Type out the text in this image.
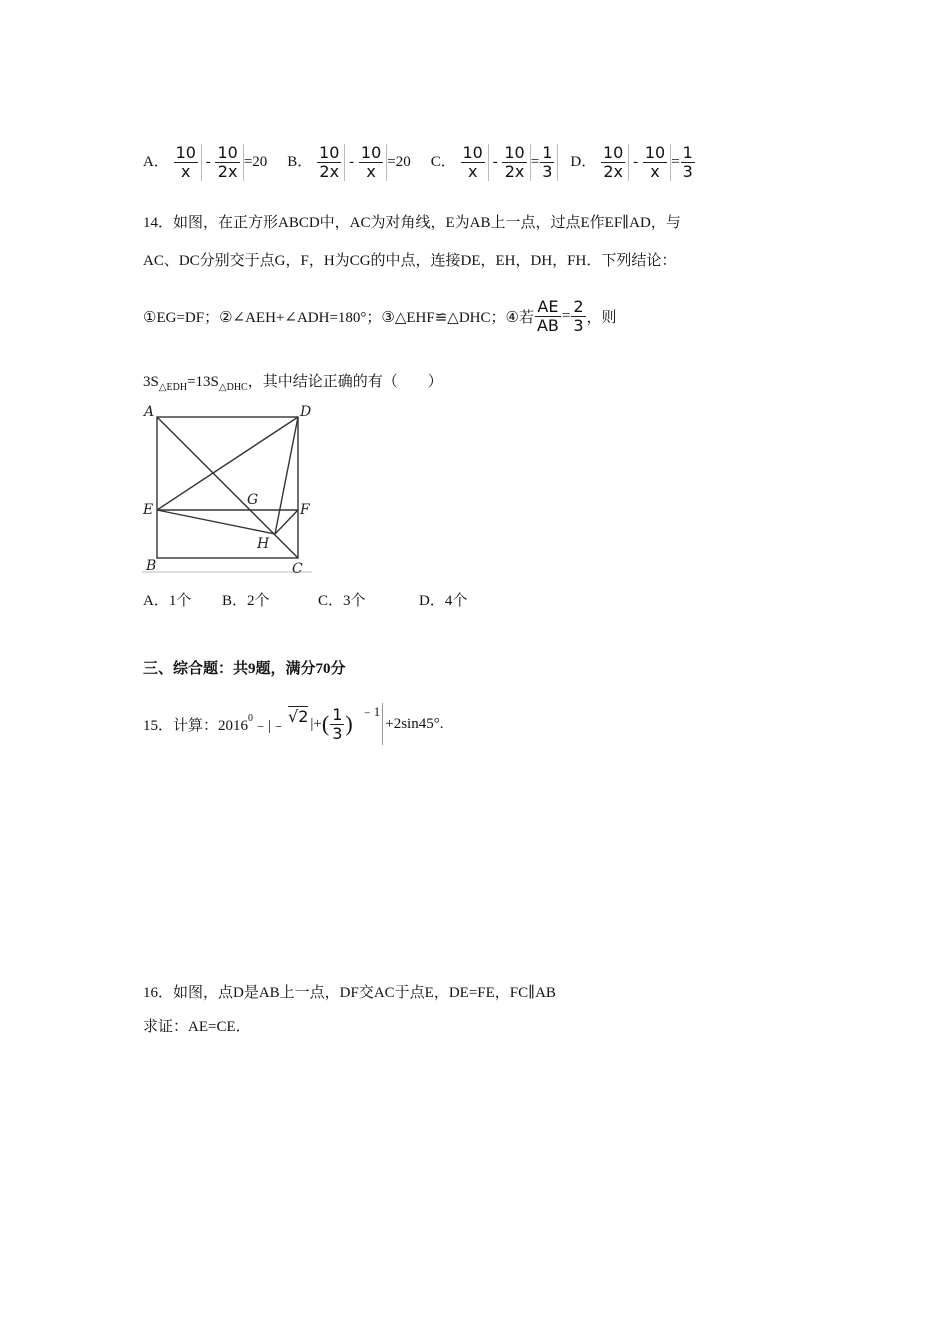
A． $\frac{10}{x} - \frac{10}{2x} =20$ B． $\frac{10}{2x} - \frac{10}{x} =20$ C． $\frac{10}{x} - \frac{10}{2x} = \frac{1}{3}$ D． $\frac{10}{2x} - \frac{10}{x} = \frac{1}{3}$
14．如图，在正方形ABCD中，AC为对角线，E为AB上一点，过点E作EF∥AD，与
AC、DC分别交于点G，F，H为CG的中点，连接DE，EH，DH，FH．下列结论：
①EG=DF；②∠AEH+∠ADH=180°；③△EHF≌△DHC；④若 $\frac{AE}{AB} = \frac{2}{3}$ ，则
$3S_{\triangle EDH}=13S_{\triangle DHC}$，其中结论正确的有（　　）
A	D
E
G
F
H
B	C
A．1个 B．2个	C．3个	D．4个
三、综合题：共9题，满分70分
15．计算：2016$^0$ ﹣|﹣ √2 |+ ( $\frac{1}{3}$ ) $^{﹣1}$
+2sin45°.
16．如图，点D是AB上一点，DF交AC于点E，DE=FE，FC∥AB
求证：AE=CE．
